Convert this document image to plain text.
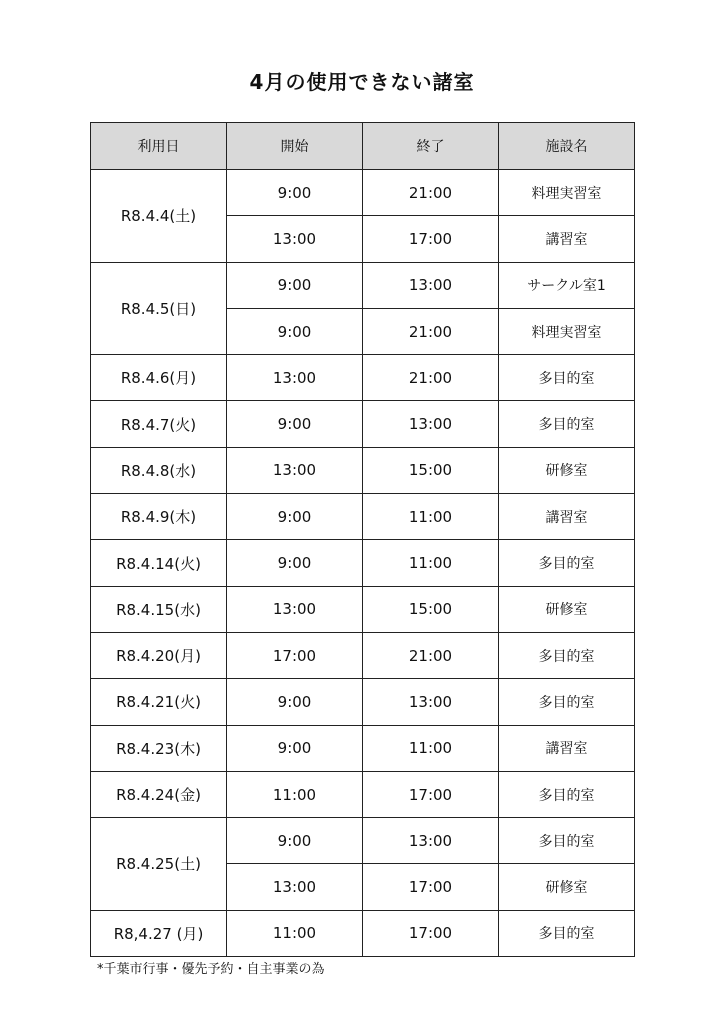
4月の使用できない諸室
利用日	開始	終了	施設名
R8.4.4(土)	9:00	21:00	料理実習室
	13:00	17:00	講習室
R8.4.5(日)	9:00	13:00	サークル室1
	9:00	21:00	料理実習室
R8.4.6(月)	13:00	21:00	多目的室
R8.4.7(火)	9:00	13:00	多目的室
R8.4.8(水)	13:00	15:00	研修室
R8.4.9(木)	9:00	11:00	講習室
R8.4.14(火)	9:00	11:00	多目的室
R8.4.15(水)	13:00	15:00	研修室
R8.4.20(月)	17:00	21:00	多目的室
R8.4.21(火)	9:00	13:00	多目的室
R8.4.23(木)	9:00	11:00	講習室
R8.4.24(金)	11:00	17:00	多目的室
R8.4.25(土)	9:00	13:00	多目的室
	13:00	17:00	研修室
R8,4.27 (月)	11:00	17:00	多目的室
*千葉市行事・優先予約・自主事業の為
